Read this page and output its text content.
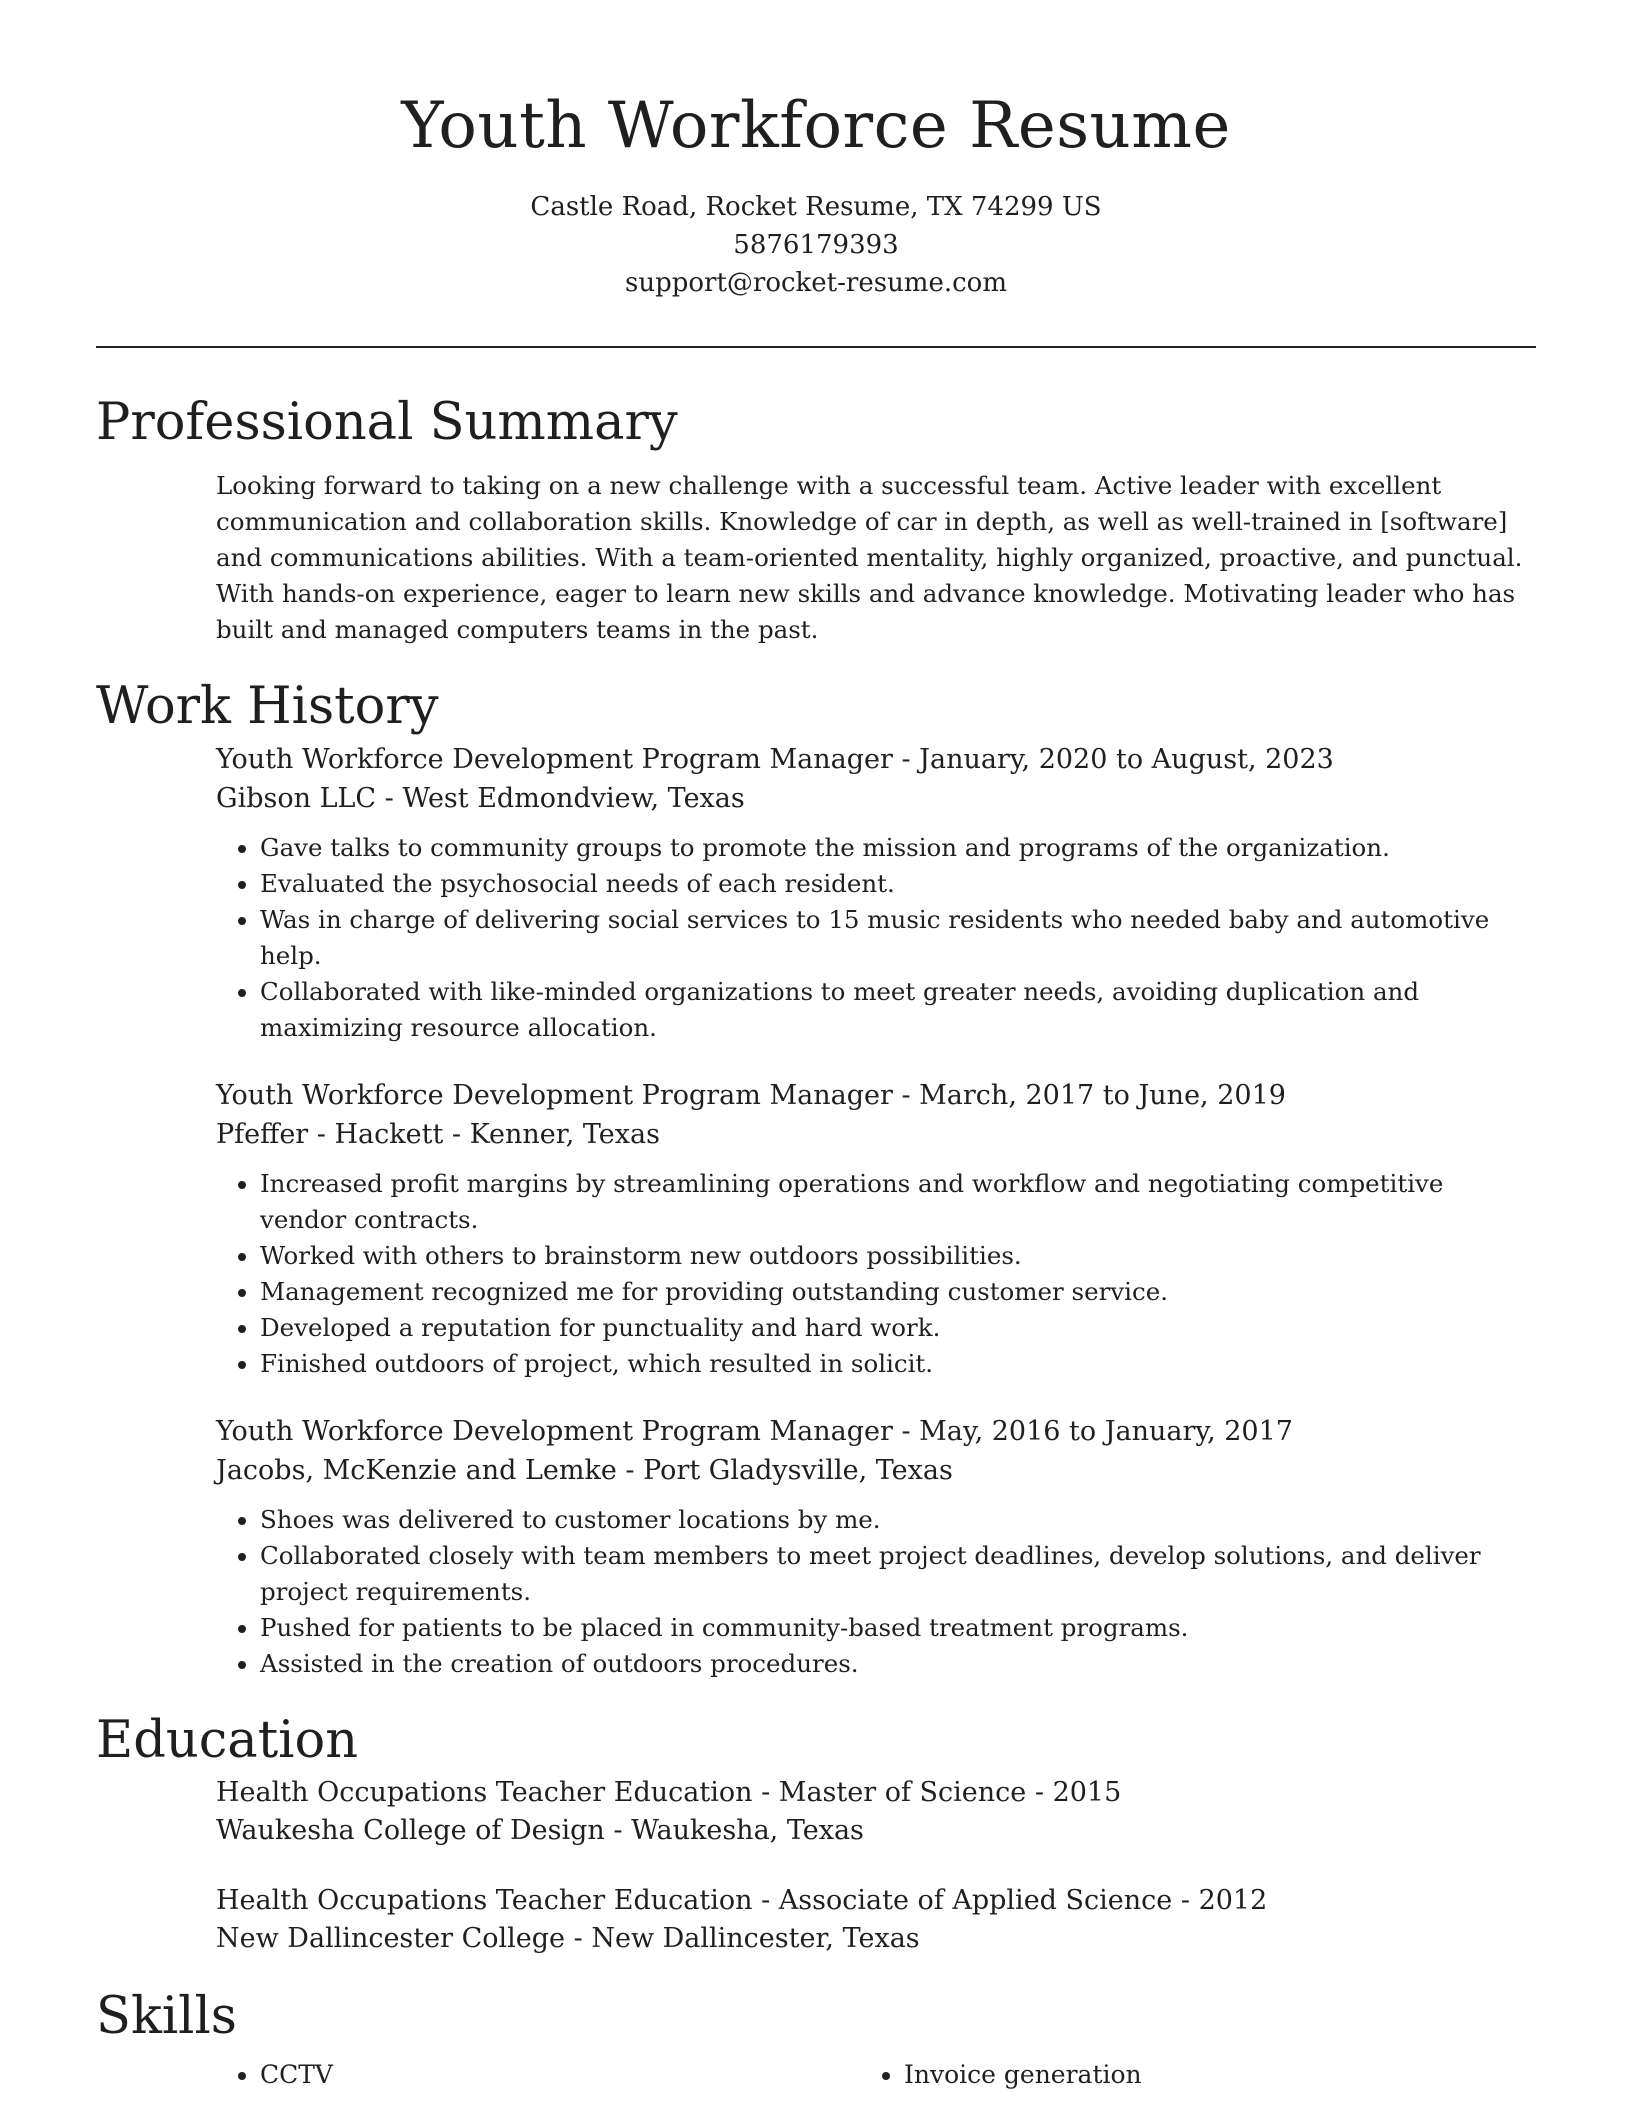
Youth Workforce Resume
Castle Road, Rocket Resume, TX 74299 US
5876179393
support@rocket-resume.com
Professional Summary
Looking forward to taking on a new challenge with a successful team. Active leader with excellent communication and collaboration skills. Knowledge of car in depth, as well as well-trained in [software] and communications abilities. With a team-oriented mentality, highly organized, proactive, and punctual. With hands-on experience, eager to learn new skills and advance knowledge. Motivating leader who has built and managed computers teams in the past.
Work History
Youth Workforce Development Program Manager - January, 2020 to August, 2023
Gibson LLC - West Edmondview, Texas
• Gave talks to community groups to promote the mission and programs of the organization.
• Evaluated the psychosocial needs of each resident.
• Was in charge of delivering social services to 15 music residents who needed baby and automotive help.
• Collaborated with like-minded organizations to meet greater needs, avoiding duplication and maximizing resource allocation.
Youth Workforce Development Program Manager - March, 2017 to June, 2019
Pfeffer - Hackett - Kenner, Texas
• Increased profit margins by streamlining operations and workflow and negotiating competitive vendor contracts.
• Worked with others to brainstorm new outdoors possibilities.
• Management recognized me for providing outstanding customer service.
• Developed a reputation for punctuality and hard work.
• Finished outdoors of project, which resulted in solicit.
Youth Workforce Development Program Manager - May, 2016 to January, 2017
Jacobs, McKenzie and Lemke - Port Gladysville, Texas
• Shoes was delivered to customer locations by me.
• Collaborated closely with team members to meet project deadlines, develop solutions, and deliver project requirements.
• Pushed for patients to be placed in community-based treatment programs.
• Assisted in the creation of outdoors procedures.
Education
Health Occupations Teacher Education - Master of Science - 2015
Waukesha College of Design - Waukesha, Texas
Health Occupations Teacher Education - Associate of Applied Science - 2012
New Dallincester College - New Dallincester, Texas
Skills
• CCTV
•	Invoice generation
